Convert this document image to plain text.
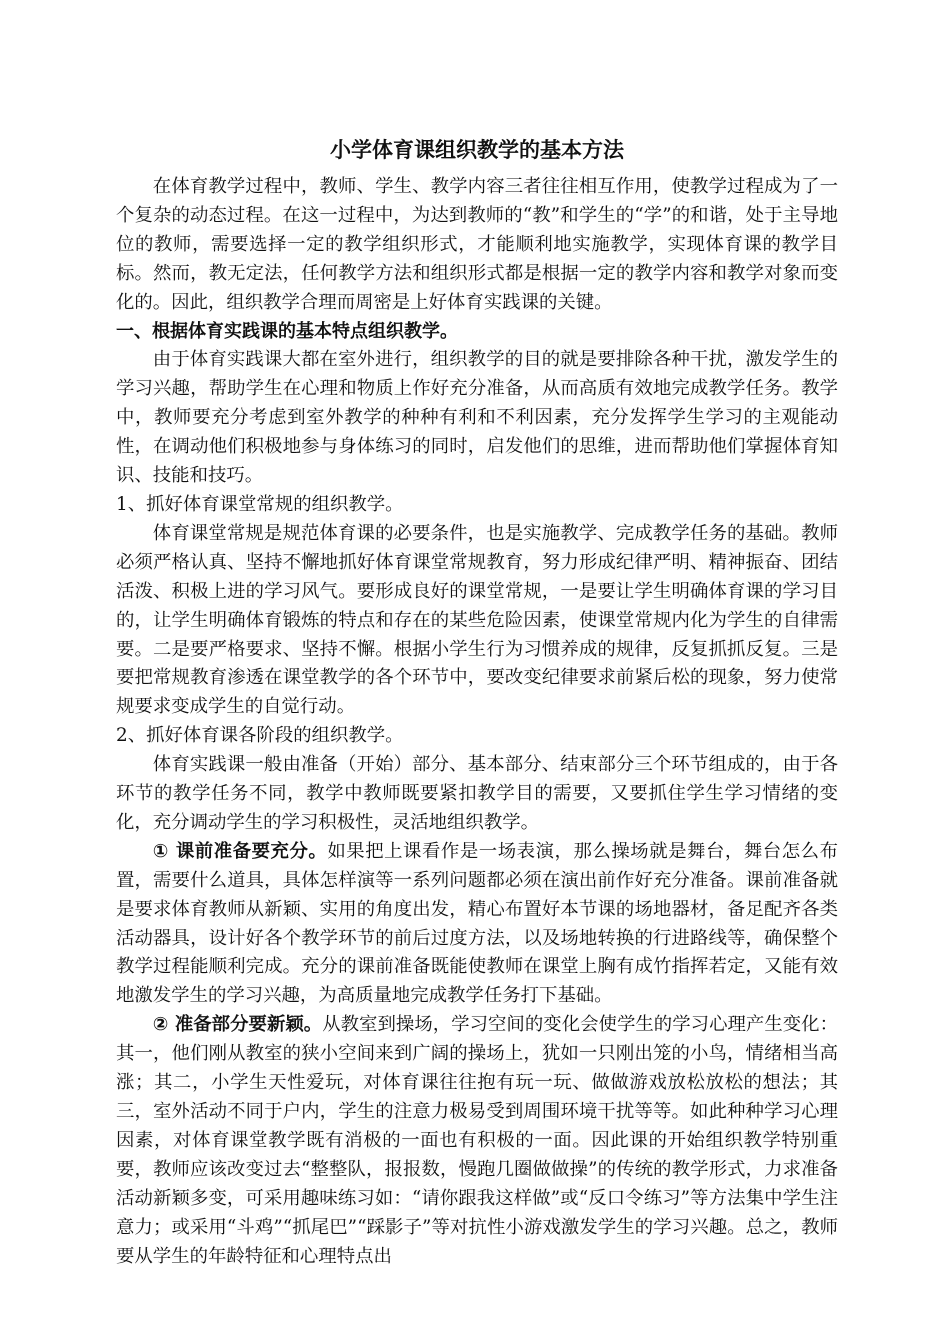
小学体育课组织教学的基本方法

在体育教学过程中，教师、学生、教学内容三者往往相互作用，使教学过程成为了一个复杂的动态过程。在这一过程中，为达到教师的“教”和学生的“学”的和谐，处于主导地位的教师，需要选择一定的教学组织形式，才能顺利地实施教学，实现体育课的教学目标。然而，教无定法，任何教学方法和组织形式都是根据一定的教学内容和教学对象而变化的。因此，组织教学合理而周密是上好体育实践课的关键。

一、根据体育实践课的基本特点组织教学。

由于体育实践课大都在室外进行，组织教学的目的就是要排除各种干扰，激发学生的学习兴趣，帮助学生在心理和物质上作好充分准备，从而高质有效地完成教学任务。教学中，教师要充分考虑到室外教学的种种有利和不利因素，充分发挥学生学习的主观能动性，在调动他们积极地参与身体练习的同时，启发他们的思维，进而帮助他们掌握体育知识、技能和技巧。

1、抓好体育课堂常规的组织教学。

体育课堂常规是规范体育课的必要条件，也是实施教学、完成教学任务的基础。教师必须严格认真、坚持不懈地抓好体育课堂常规教育，努力形成纪律严明、精神振奋、团结活泼、积极上进的学习风气。要形成良好的课堂常规，一是要让学生明确体育课的学习目的，让学生明确体育锻炼的特点和存在的某些危险因素，使课堂常规内化为学生的自律需要。二是要严格要求、坚持不懈。根据小学生行为习惯养成的规律，反复抓抓反复。三是要把常规教育渗透在课堂教学的各个环节中，要改变纪律要求前紧后松的现象，努力使常规要求变成学生的自觉行动。

2、抓好体育课各阶段的组织教学。

体育实践课一般由准备（开始）部分、基本部分、结束部分三个环节组成的，由于各环节的教学任务不同，教学中教师既要紧扣教学目的需要，又要抓住学生学习情绪的变化，充分调动学生的学习积极性，灵活地组织教学。

① 课前准备要充分。如果把上课看作是一场表演，那么操场就是舞台，舞台怎么布置，需要什么道具，具体怎样演等一系列问题都必须在演出前作好充分准备。课前准备就是要求体育教师从新颖、实用的角度出发，精心布置好本节课的场地器材，备足配齐各类活动器具，设计好各个教学环节的前后过度方法，以及场地转换的行进路线等，确保整个教学过程能顺利完成。充分的课前准备既能使教师在课堂上胸有成竹指挥若定，又能有效地激发学生的学习兴趣，为高质量地完成教学任务打下基础。

② 准备部分要新颖。从教室到操场，学习空间的变化会使学生的学习心理产生变化：其一，他们刚从教室的狭小空间来到广阔的操场上，犹如一只刚出笼的小鸟，情绪相当高涨；其二，小学生天性爱玩，对体育课往往抱有玩一玩、做做游戏放松放松的想法；其三，室外活动不同于户内，学生的注意力极易受到周围环境干扰等等。如此种种学习心理因素，对体育课堂教学既有消极的一面也有积极的一面。因此课的开始组织教学特别重要，教师应该改变过去“整整队，报报数，慢跑几圈做做操”的传统的教学形式，力求准备活动新颖多变，可采用趣味练习如：“请你跟我这样做”或“反口令练习”等方法集中学生注意力；或采用“斗鸡”“抓尾巴”“踩影子”等对抗性小游戏激发学生的学习兴趣。总之，教师要从学生的年龄特征和心理特点出
